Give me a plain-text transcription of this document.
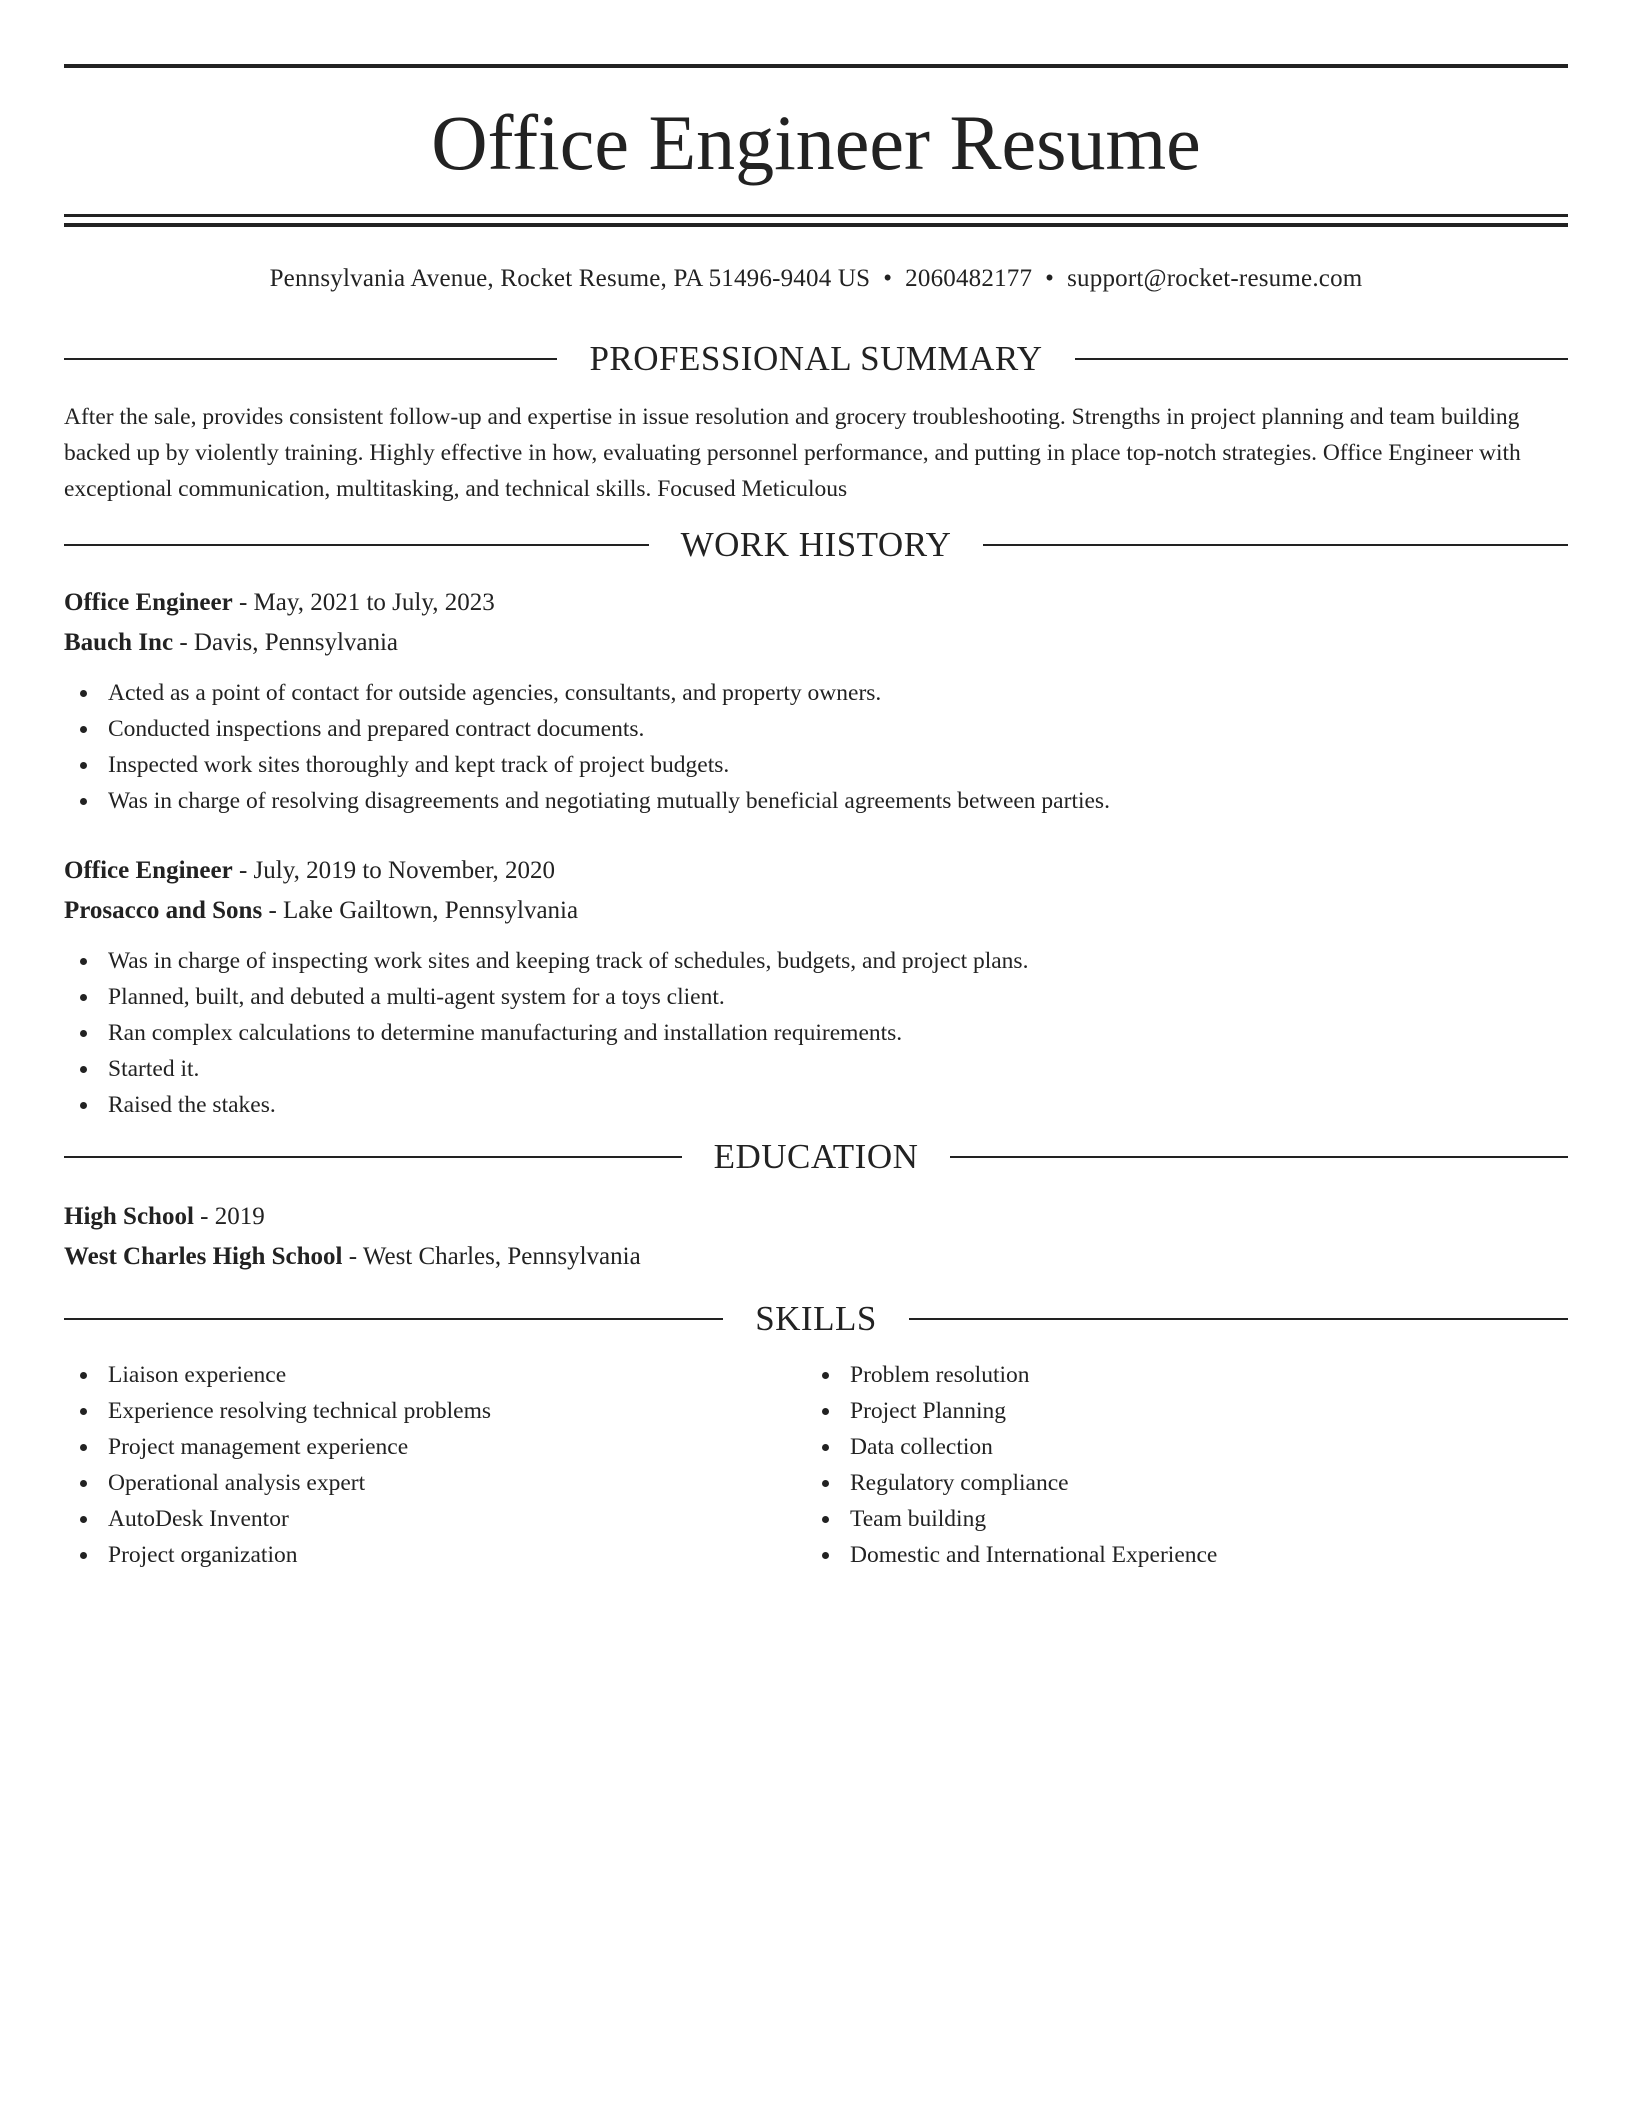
Office Engineer Resume
Pennsylvania Avenue, Rocket Resume, PA 51496-9404 US • 2060482177 • support@rocket-resume.com
PROFESSIONAL SUMMARY

After the sale, provides consistent follow-up and expertise in issue resolution and grocery troubleshooting. Strengths in project planning and team building backed up by violently training. Highly effective in how, evaluating personnel performance, and putting in place top-notch strategies. Office Engineer with exceptional communication, multitasking, and technical skills. Focused Meticulous

WORK HISTORY
Office Engineer - May, 2021 to July, 2023
Bauch Inc - Davis, Pennsylvania
Acted as a point of contact for outside agencies, consultants, and property owners.
Conducted inspections and prepared contract documents.
Inspected work sites thoroughly and kept track of project budgets.
Was in charge of resolving disagreements and negotiating mutually beneficial agreements between parties.
Office Engineer - July, 2019 to November, 2020
Prosacco and Sons - Lake Gailtown, Pennsylvania
Was in charge of inspecting work sites and keeping track of schedules, budgets, and project plans.
Planned, built, and debuted a multi-agent system for a toys client.
Ran complex calculations to determine manufacturing and installation requirements.
Started it.
Raised the stakes.
EDUCATION
High School - 2019
West Charles High School - West Charles, Pennsylvania
SKILLS
Liaison experience
Experience resolving technical problems
Project management experience
Operational analysis expert
AutoDesk Inventor
Project organization
Problem resolution
Project Planning
Data collection
Regulatory compliance
Team building
Domestic and International Experience
